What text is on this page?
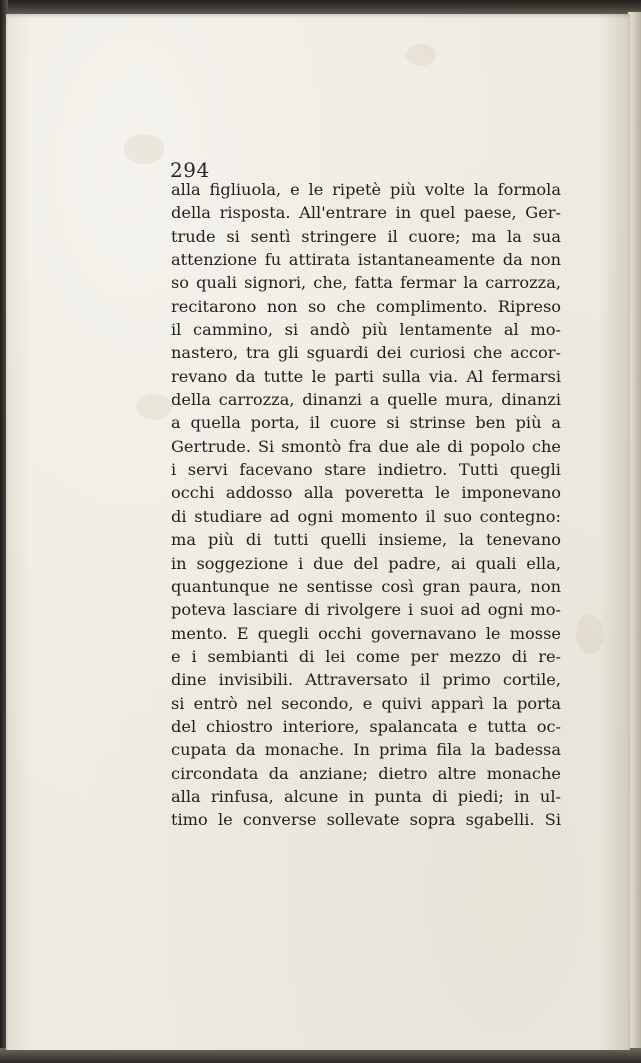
294
alla figliuola, e le ripetè più volte la formola
della risposta. All'entrare in quel paese, Ger-
trude si sentì stringere il cuore; ma la sua
attenzione fu attirata istantaneamente da non
so quali signori, che, fatta fermar la carrozza,
recitarono non so che complimento. Ripreso
il cammino, si andò più lentamente al mo-
nastero, tra gli sguardi dei curiosi che accor-
revano da tutte le parti sulla via. Al fermarsi
della carrozza, dinanzi a quelle mura, dinanzi
a quella porta, il cuore si strinse ben più a
Gertrude. Si smontò fra due ale di popolo che
i servi facevano stare indietro. Tutti quegli
occhi addosso alla poveretta le imponevano
di studiare ad ogni momento il suo contegno:
ma più di tutti quelli insieme, la tenevano
in soggezione i due del padre, ai quali ella,
quantunque ne sentisse così gran paura, non
poteva lasciare di rivolgere i suoi ad ogni mo-
mento. E quegli occhi governavano le mosse
e i sembianti di lei come per mezzo di re-
dine invisibili. Attraversato il primo cortile,
si entrò nel secondo, e quivi apparì la porta
del chiostro interiore, spalancata e tutta oc-
cupata da monache. In prima fila la badessa
circondata da anziane; dietro altre monache
alla rinfusa, alcune in punta di piedi; in ul-
timo le converse sollevate sopra sgabelli. Si
